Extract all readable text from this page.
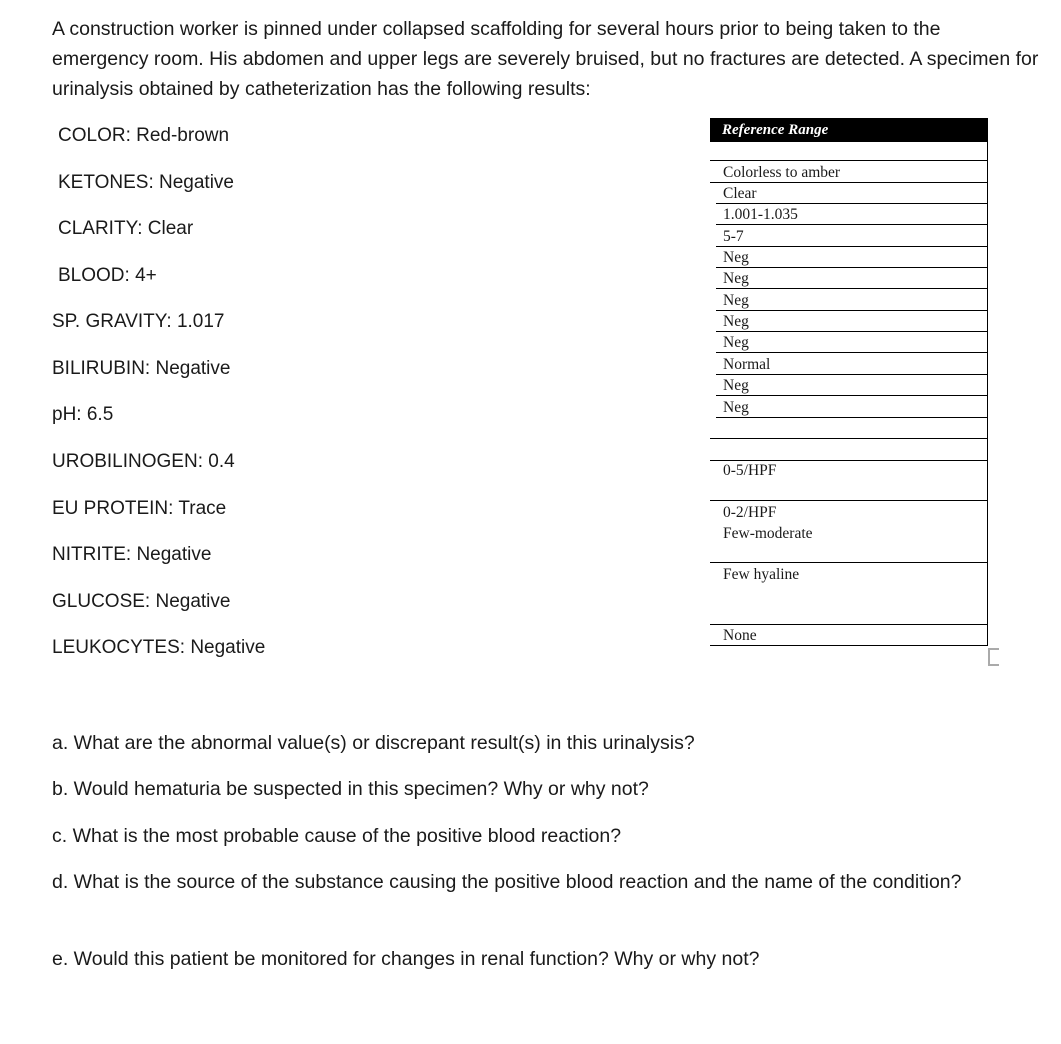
A construction worker is pinned under collapsed scaffolding for several hours prior to being taken to the emergency room. His abdomen and upper legs are severely bruised, but no fractures are detected. A specimen for urinalysis obtained by catheterization has the following results:

COLOR: Red-brown

KETONES: Negative

CLARITY: Clear

BLOOD: 4+

SP. GRAVITY: 1.017

BILIRUBIN: Negative

pH: 6.5

UROBILINOGEN: 0.4

EU PROTEIN: Trace

NITRITE: Negative

GLUCOSE: Negative

LEUKOCYTES: Negative

Reference Range
Colorless to amber
Clear
1.001-1.035
5-7
Neg
Neg
Neg
Neg
Neg
Normal
Neg
Neg
0-5/HPF
0-2/HPF
Few-moderate
Few hyaline
None

a. What are the abnormal value(s) or discrepant result(s) in this urinalysis?

b. Would hematuria be suspected in this specimen? Why or why not?

c. What is the most probable cause of the positive blood reaction?

d. What is the source of the substance causing the positive blood reaction and the name of the condition?

e. Would this patient be monitored for changes in renal function? Why or why not?
